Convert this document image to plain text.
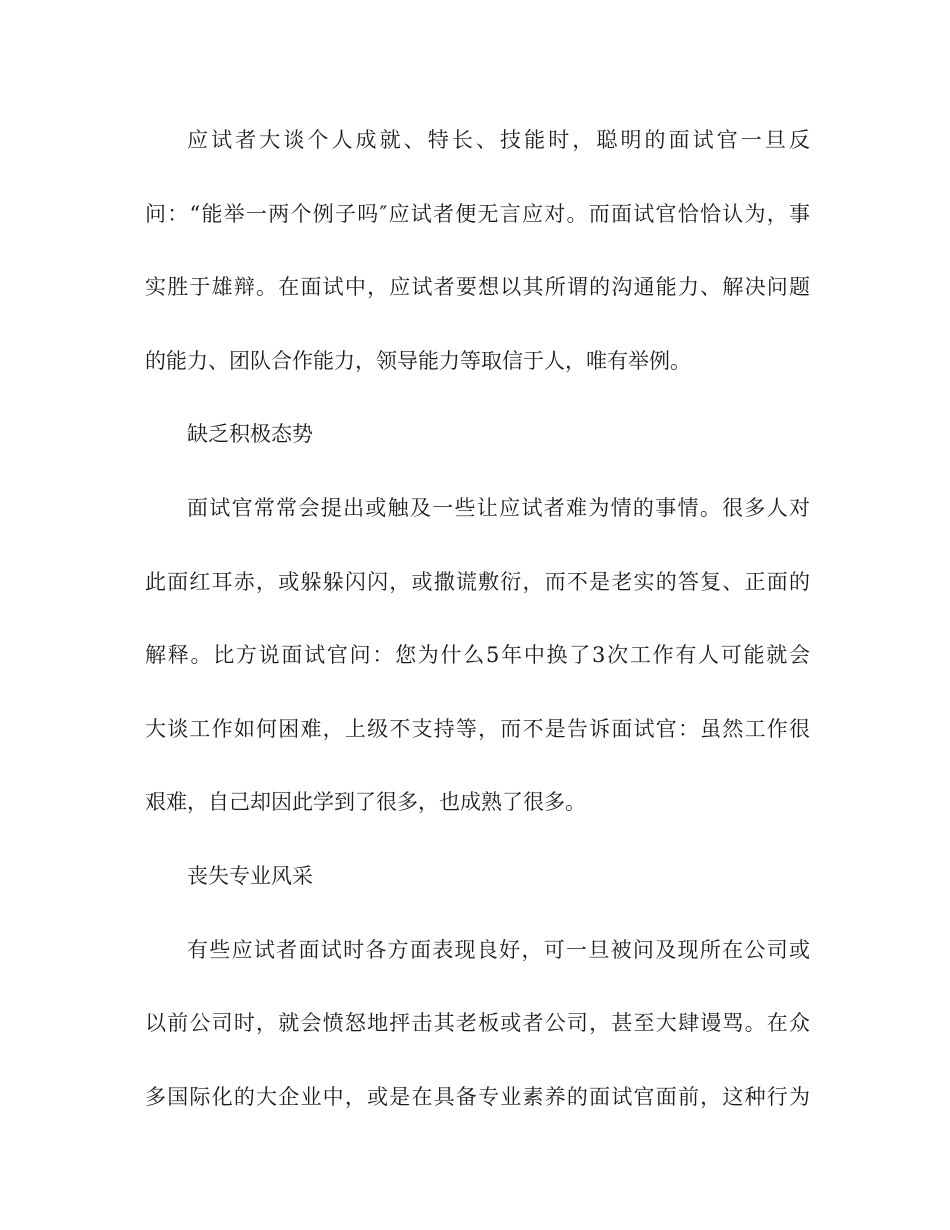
应试者大谈个人成就、特长、技能时，聪明的面试官一旦反
问：“能举一两个例子吗″应试者便无言应对。而面试官恰恰认为，事
实胜于雄辩。在面试中，应试者要想以其所谓的沟通能力、解决问题
的能力、团队合作能力，领导能力等取信于人，唯有举例。
缺乏积极态势
面试官常常会提出或触及一些让应试者难为情的事情。很多人对
此面红耳赤，或躲躲闪闪，或撒谎敷衍，而不是老实的答复、正面的
解释。比方说面试官问：您为什么5年中换了3次工作有人可能就会
大谈工作如何困难，上级不支持等，而不是告诉面试官：虽然工作很
艰难，自己却因此学到了很多，也成熟了很多。
丧失专业风采
有些应试者面试时各方面表现良好，可一旦被问及现所在公司或
以前公司时，就会愤怒地抨击其老板或者公司，甚至大肆谩骂。在众
多国际化的大企业中，或是在具备专业素养的面试官面前，这种行为
